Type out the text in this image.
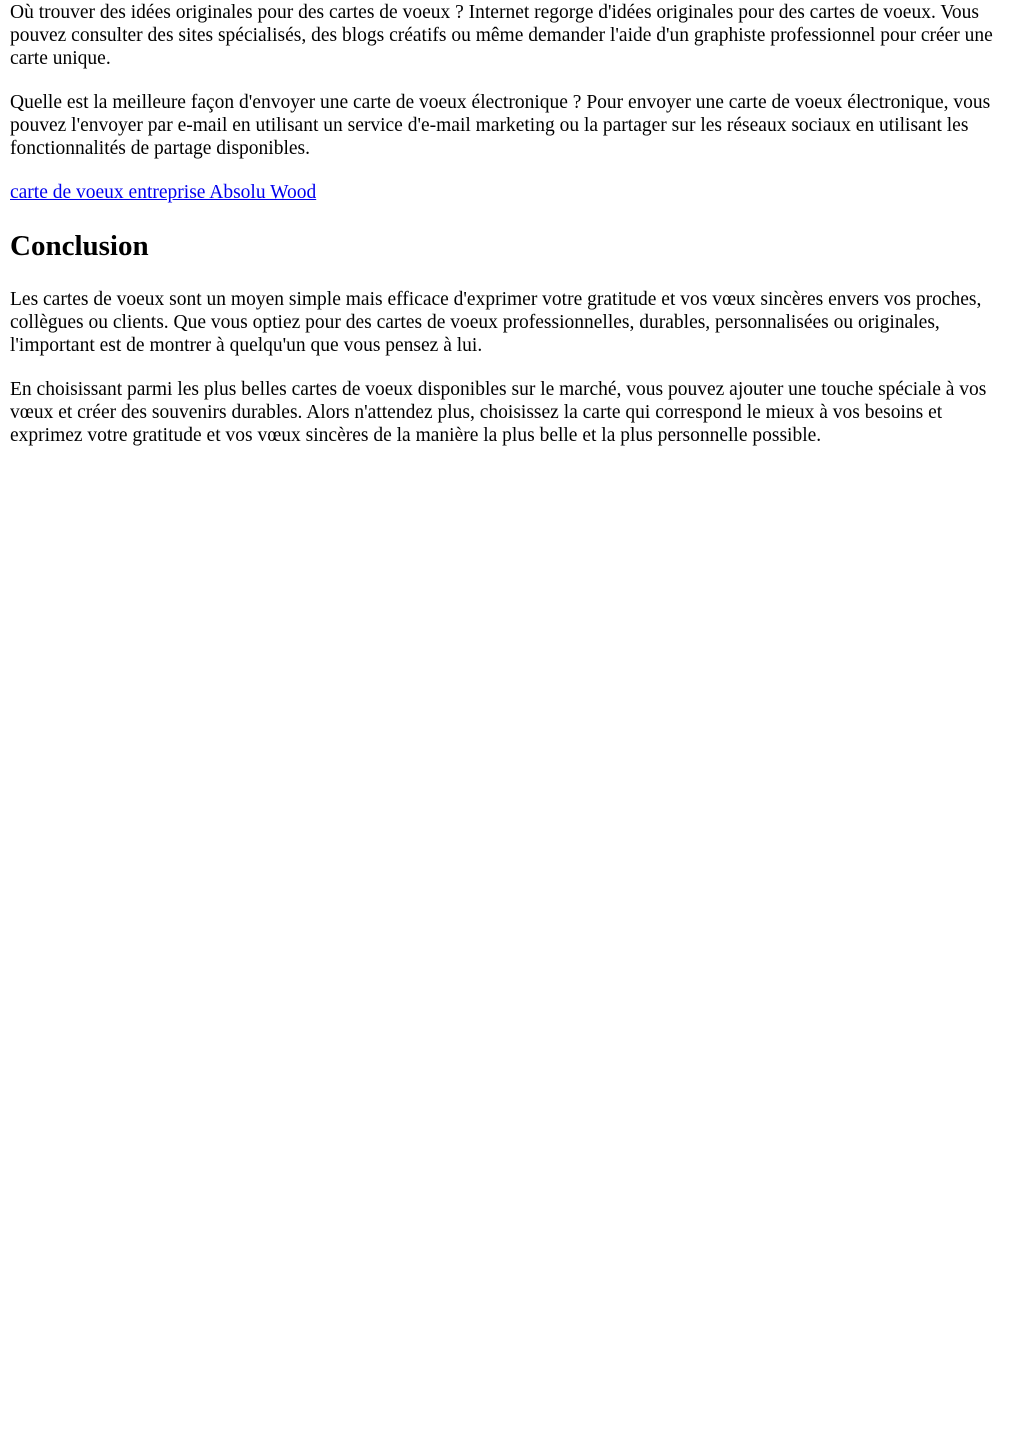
Où trouver des idées originales pour des cartes de voeux ? Internet regorge d'idées originales pour des cartes de voeux. Vous pouvez consulter des sites spécialisés, des blogs créatifs ou même demander l'aide d'un graphiste professionnel pour créer une carte unique.

Quelle est la meilleure façon d'envoyer une carte de voeux électronique ? Pour envoyer une carte de voeux électronique, vous pouvez l'envoyer par e-mail en utilisant un service d'e-mail marketing ou la partager sur les réseaux sociaux en utilisant les fonctionnalités de partage disponibles.

carte de voeux entreprise Absolu Wood

Conclusion

Les cartes de voeux sont un moyen simple mais efficace d'exprimer votre gratitude et vos vœux sincères envers vos proches, collègues ou clients. Que vous optiez pour des cartes de voeux professionnelles, durables, personnalisées ou originales, l'important est de montrer à quelqu'un que vous pensez à lui.

En choisissant parmi les plus belles cartes de voeux disponibles sur le marché, vous pouvez ajouter une touche spéciale à vos vœux et créer des souvenirs durables. Alors n'attendez plus, choisissez la carte qui correspond le mieux à vos besoins et exprimez votre gratitude et vos vœux sincères de la manière la plus belle et la plus personnelle possible.
